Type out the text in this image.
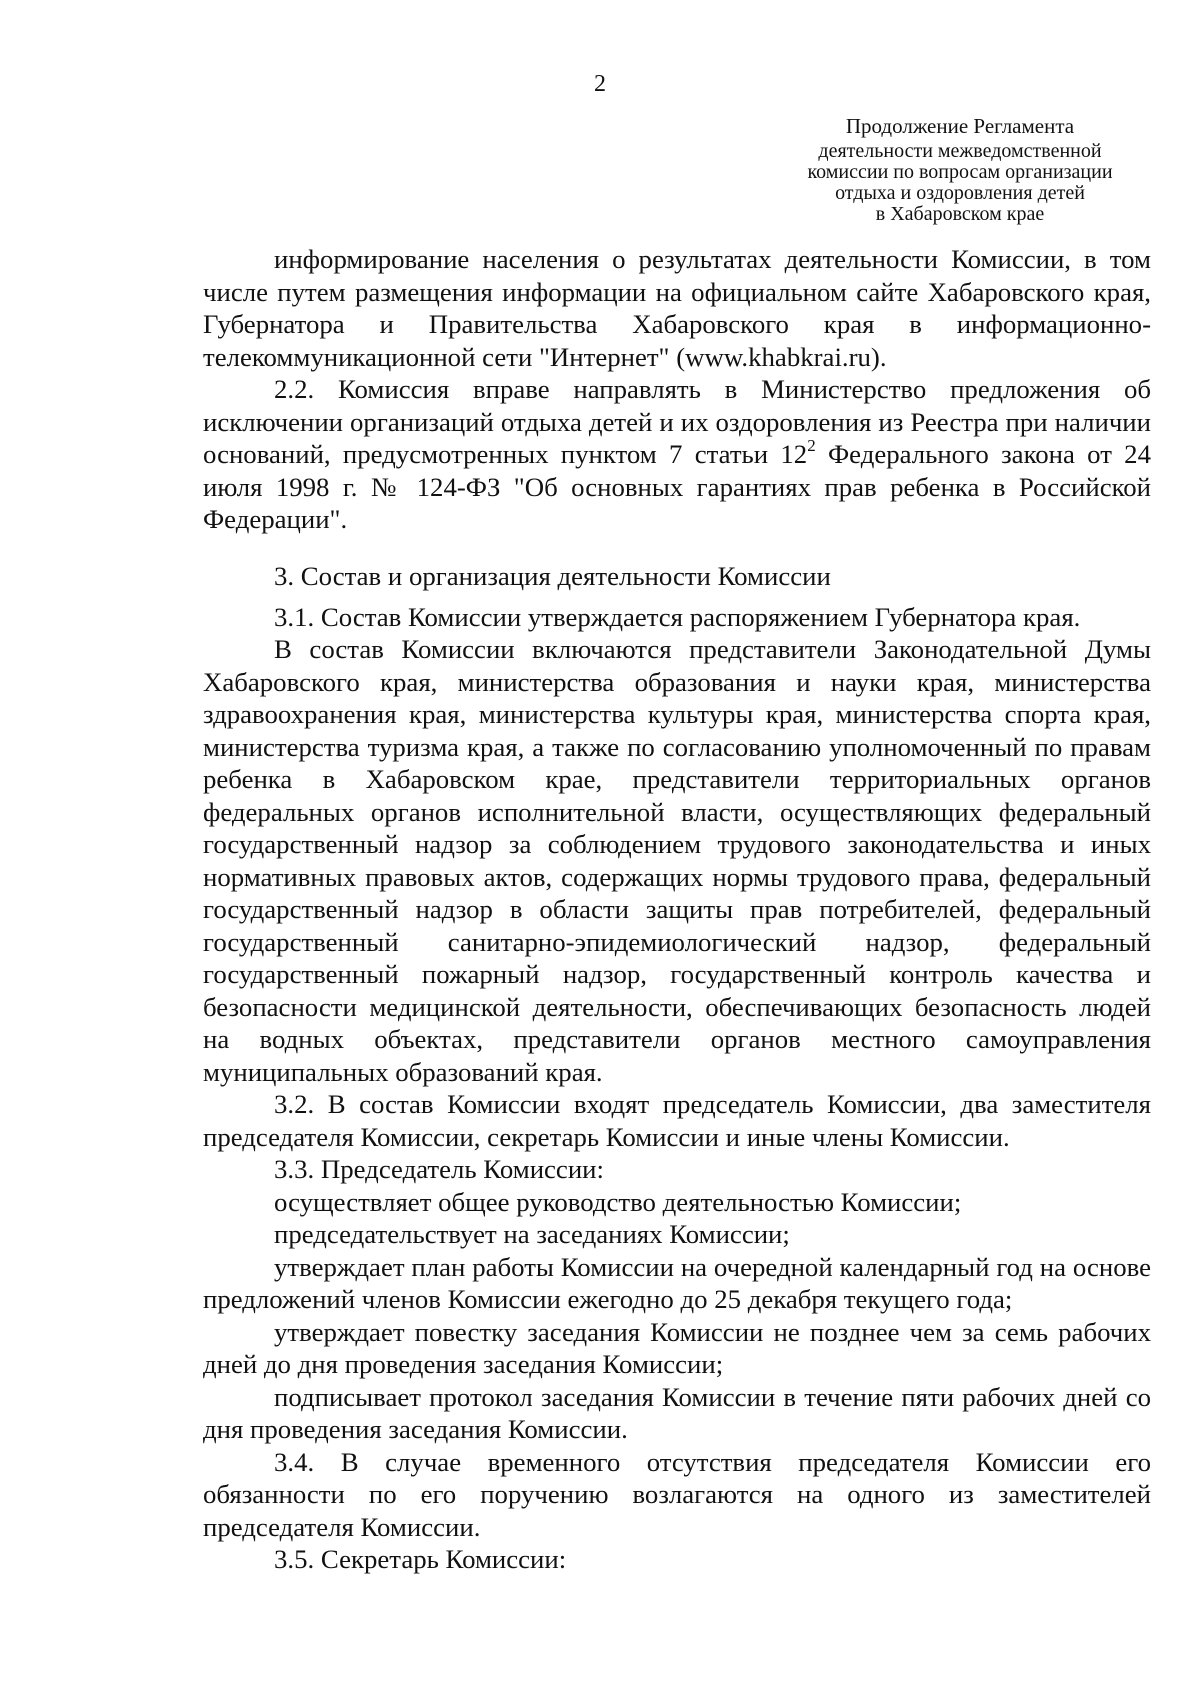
2
Продолжение Регламента
деятельности межведомственной
комиссии по вопросам организации
отдыха и оздоровления детей
в Хабаровском крае

информирование населения о результатах деятельности Комиссии, в том числе путем размещения информации на официальном сайте Хабаровского края, Губернатора и Правительства Хабаровского края в информационно-телекоммуникационной сети "Интернет" (www.khabkrai.ru).

2.2. Комиссия вправе направлять в Министерство предложения об исключении организаций отдыха детей и их оздоровления из Реестра при наличии оснований, предусмотренных пунктом 7 статьи $12^2$ Федерального закона от 24 июля 1998 г. № 124-ФЗ "Об основных гарантиях прав ребенка в Российской Федерации".

3. Состав и организация деятельности Комиссии

3.1. Состав Комиссии утверждается распоряжением Губернатора края.

В состав Комиссии включаются представители Законодательной Думы Хабаровского края, министерства образования и науки края, министерства здравоохранения края, министерства культуры края, министерства спорта края, министерства туризма края, а также по согласованию уполномоченный по правам ребенка в Хабаровском крае, представители территориальных органов федеральных органов исполнительной власти, осуществляющих федеральный государственный надзор за соблюдением трудового законодательства и иных нормативных правовых актов, содержащих нормы трудового права, федеральный государственный надзор в области защиты прав потребителей, федеральный государственный санитарно-эпидемиологический надзор, федеральный государственный пожарный надзор, государственный контроль качества и безопасности медицинской деятельности, обеспечивающих безопасность людей на водных объектах, представители органов местного самоуправления муниципальных образований края.

3.2. В состав Комиссии входят председатель Комиссии, два заместителя председателя Комиссии, секретарь Комиссии и иные члены Комиссии.

3.3. Председатель Комиссии:

осуществляет общее руководство деятельностью Комиссии;

председательствует на заседаниях Комиссии;

утверждает план работы Комиссии на очередной календарный год на основе предложений членов Комиссии ежегодно до 25 декабря текущего года;

утверждает повестку заседания Комиссии не позднее чем за семь рабочих дней до дня проведения заседания Комиссии;

подписывает протокол заседания Комиссии в течение пяти рабочих дней со дня проведения заседания Комиссии.

3.4. В случае временного отсутствия председателя Комиссии его обязанности по его поручению возлагаются на одного из заместителей председателя Комиссии.

3.5. Секретарь Комиссии:
